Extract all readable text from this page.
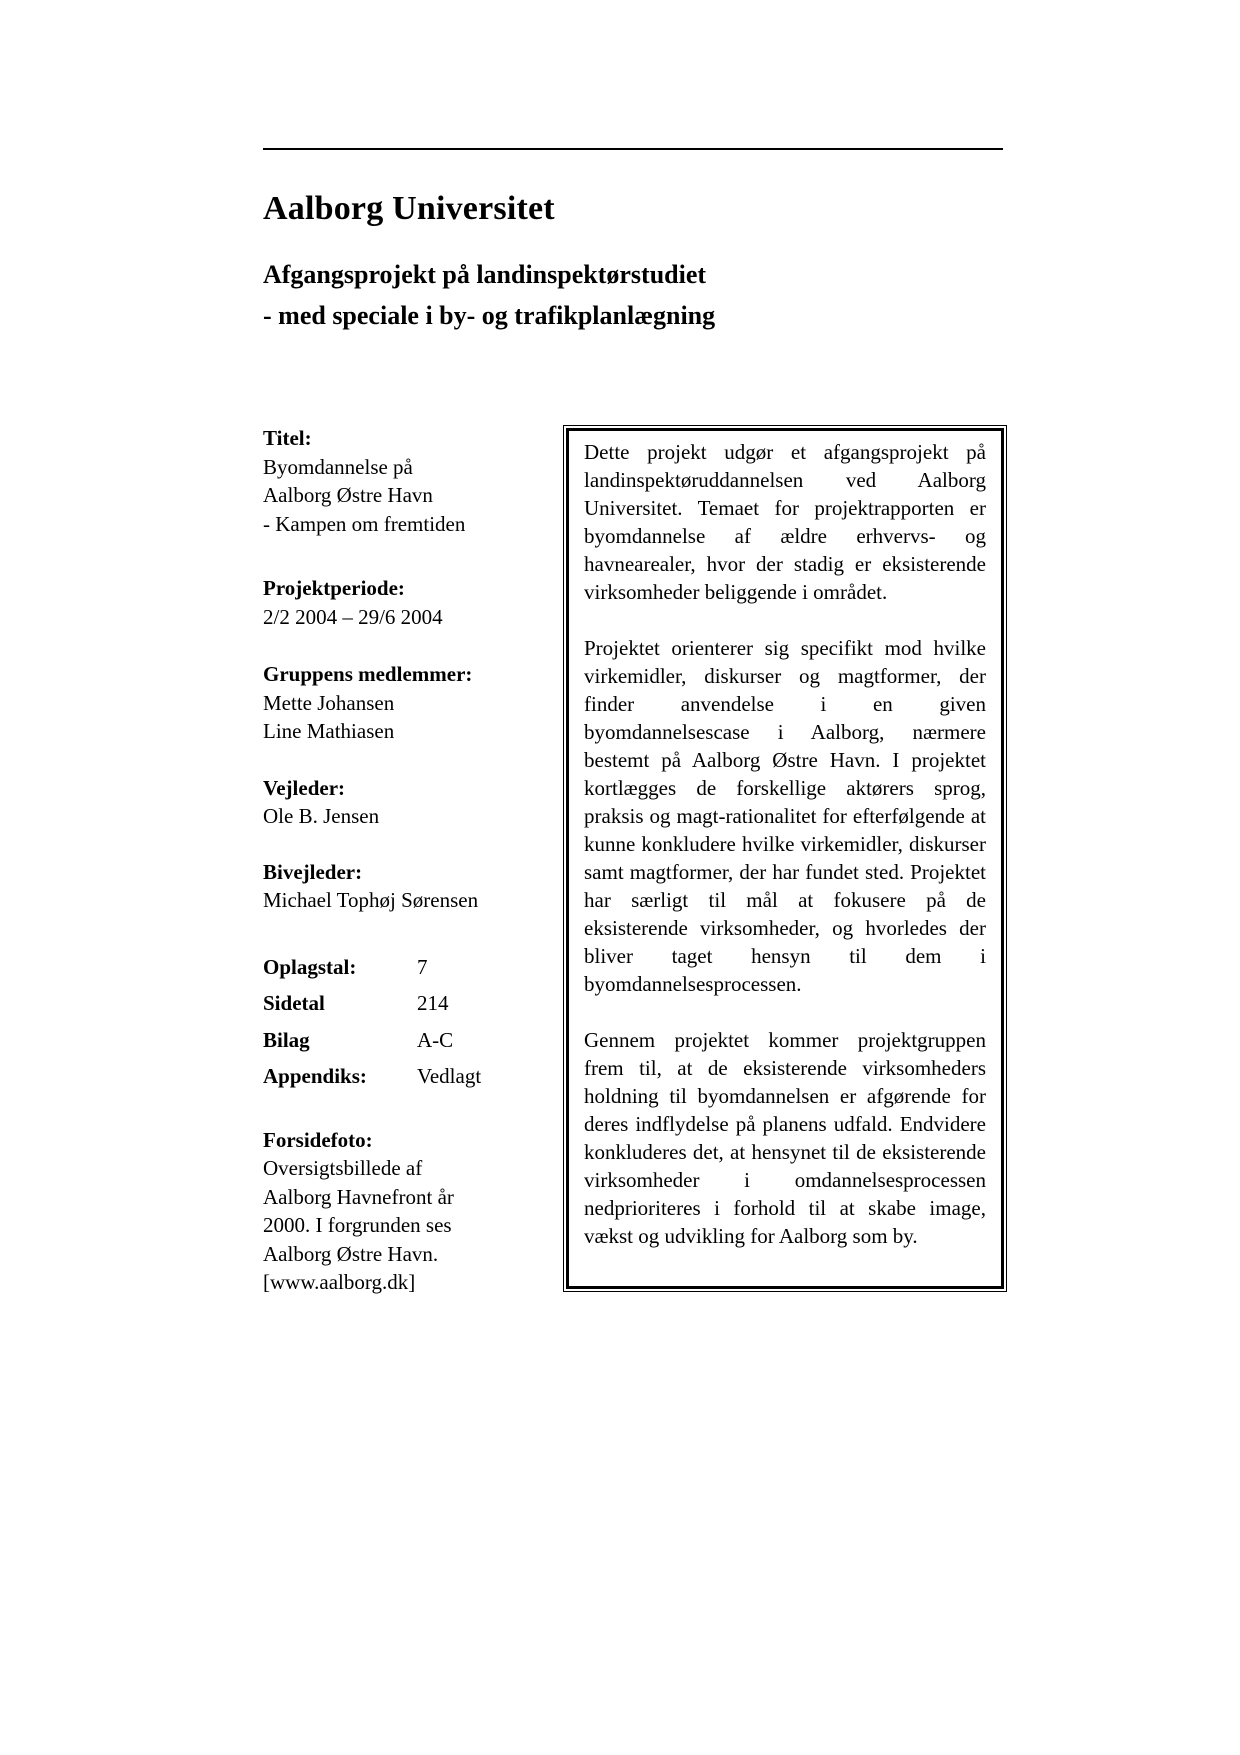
Aalborg Universitet
Afgangsprojekt på landinspektørstudiet
- med speciale i by- og trafikplanlægning
Titel:
Byomdannelse på
Aalborg Østre Havn
- Kampen om fremtiden
Projektperiode:
2/2 2004 – 29/6 2004
Gruppens medlemmer:
Mette Johansen
Line Mathiasen
Vejleder:
Ole B. Jensen
Bivejleder:
Michael Tophøj Sørensen
Oplagstal:	7
Sidetal	214
Bilag	A-C
Appendiks:	Vedlagt
Forsidefoto:
Oversigtsbillede af
Aalborg Havnefront år
2000. I forgrunden ses
Aalborg Østre Havn.
[www.aalborg.dk]

Dette projekt udgør et afgangsprojekt på landinspektøruddannelsen ved Aalborg Universitet. Temaet for projektrapporten er byomdannelse af ældre erhvervs- og havnearealer, hvor der stadig er eksisterende virksomheder beliggende i området.

Projektet orienterer sig specifikt mod hvilke virkemidler, diskurser og magtformer, der finder anvendelse i en given byomdannelsescase i Aalborg, nærmere bestemt på Aalborg Østre Havn. I projektet kortlægges de forskellige aktørers sprog, praksis og magt-rationalitet for efterfølgende at kunne konkludere hvilke virkemidler, diskurser samt magtformer, der har fundet sted. Projektet har særligt til mål at fokusere på de eksisterende virksomheder, og hvorledes der bliver taget hensyn til dem i byomdannelsesprocessen.

Gennem projektet kommer projektgruppen frem til, at de eksisterende virksomheders holdning til byomdannelsen er afgørende for deres indflydelse på planens udfald. Endvidere konkluderes det, at hensynet til de eksisterende virksomheder i omdannelsesprocessen nedprioriteres i forhold til at skabe image, vækst og udvikling for Aalborg som by.
